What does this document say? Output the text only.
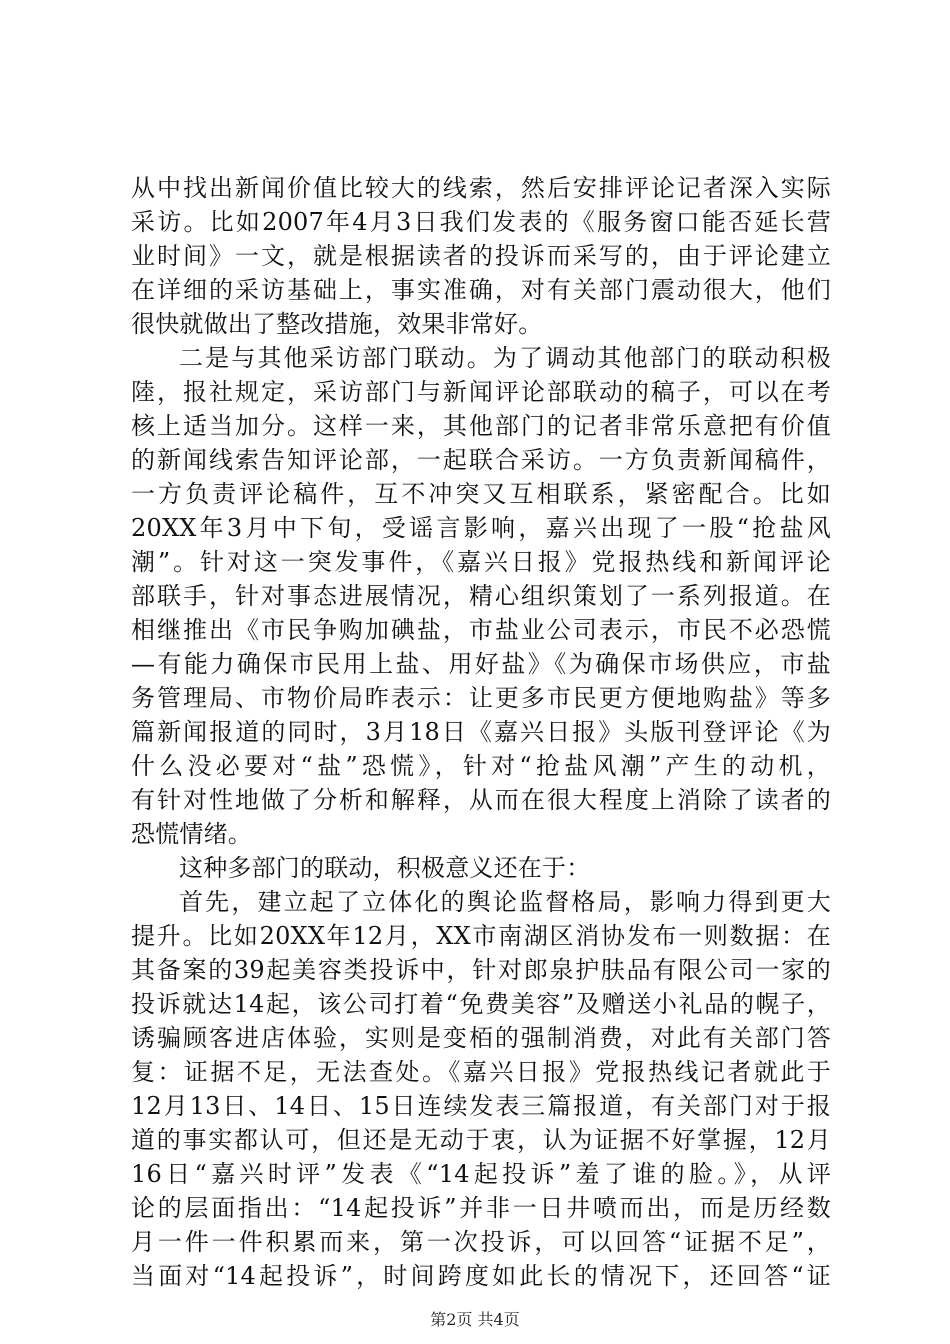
从中找出新闻价值比较大的线索，然后安排评论记者深入实际
采访。比如2007年4月3日我们发表的《服务窗口能否延长营
业时间》一文，就是根据读者的投诉而采写的，由于评论建立
在详细的采访基础上，事实准确，对有关部门震动很大，他们
很快就做出了整改措施，效果非常好。
二是与其他采访部门联动。为了调动其他部门的联动积极
陸，报社规定，采访部门与新闻评论部联动的稿子，可以在考
核上适当加分。这样一来，其他部门的记者非常乐意把有价值
的新闻线索告知评论部，一起联合采访。一方负责新闻稿件，
一方负责评论稿件，互不冲突又互相联系，紧密配合。比如
20XX年3月中下旬，受谣言影响，嘉兴出现了一股“抢盐风
潮”。针对这一突发事件，《嘉兴日报》党报热线和新闻评论
部联手，针对事态进展情况，精心组织策划了一系列报道。在
相继推出《市民争购加碘盐，市盐业公司表示，市民不必恐慌
—有能力确保市民用上盐、用好盐》《为确保市场供应，市盐
务管理局、市物价局昨表示：让更多市民更方便地购盐》等多
篇新闻报道的同时，3月18日《嘉兴日报》头版刊登评论《为
什么没必要对“盐”恐慌》，针对“抢盐风潮”产生的动机，
有针对性地做了分析和解释，从而在很大程度上消除了读者的
恐慌情绪。
这种多部门的联动，积极意义还在于：
首先，建立起了立体化的舆论监督格局，影响力得到更大
提升。比如20XX年12月，XX市南湖区消协发布一则数据：在
其备案的39起美容类投诉中，针对郎泉护肤品有限公司一家的
投诉就达14起，该公司打着“免费美容”及赠送小礼品的幌子，
诱骗顾客进店体验，实则是变栢的强制消费，对此有关部门答
复：证据不足，无法查处。《嘉兴日报》党报热线记者就此于
12月13日、14日、15日连续发表三篇报道，有关部门对于报
道的事实都认可，但还是无动于衷，认为证据不好掌握，12月
16日“嘉兴时评”发表《“14起投诉”羞了谁的脸。》，从评
论的层面指出：“14起投诉”并非一日井喷而出，而是历经数
月一件一件积累而来，第一次投诉，可以回答“证据不足”，
当面对“14起投诉”，时间跨度如此长的情况下，还回答“证
第2页 共4页
